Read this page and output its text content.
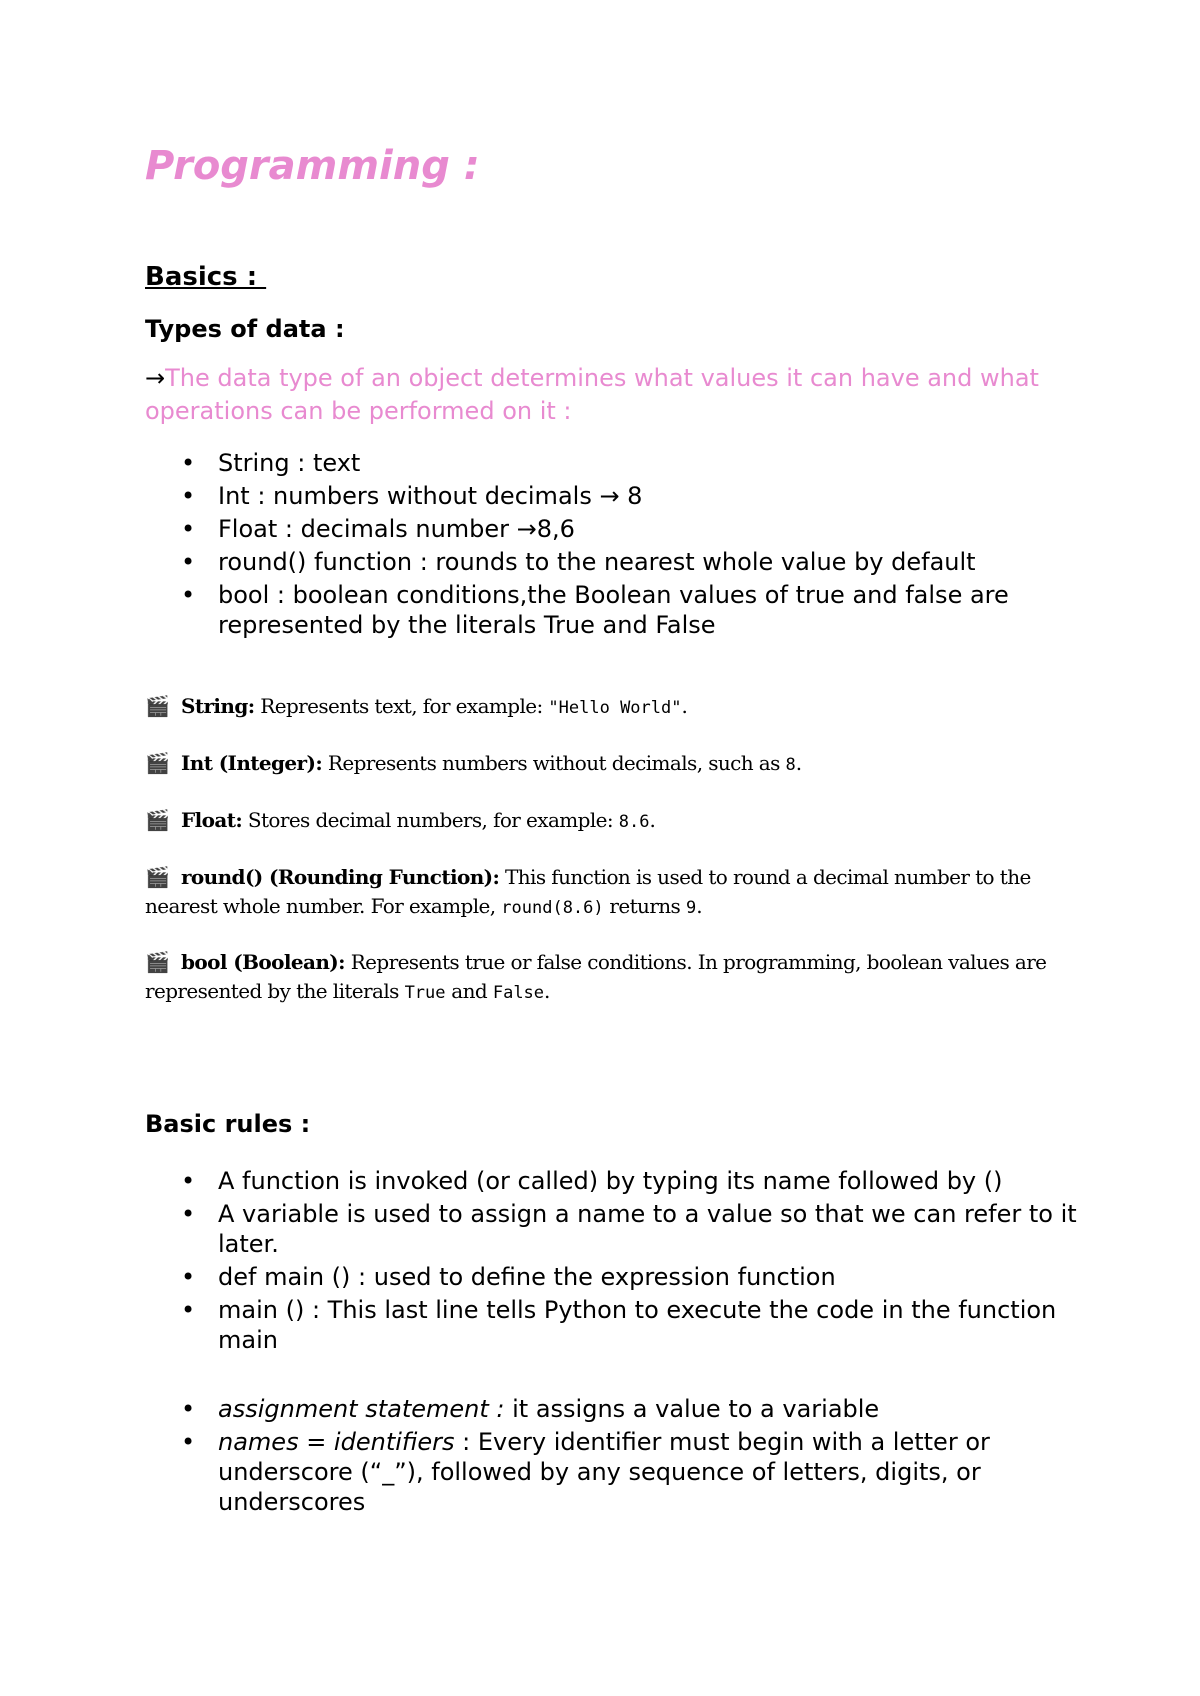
Programming :
Basics :
Types of data :

→The data type of an object determines what values it can have and what operations can be performed on it :

• String : text
• Int : numbers without decimals → 8
• Float : decimals number →8,6
• round() function : rounds to the nearest whole value by default
• bool : boolean conditions,the Boolean values of true and false are represented by the literals True and False
🎬 String: Represents text, for example: "Hello World".
🎬 Int (Integer): Represents numbers without decimals, such as 8.
🎬 Float: Stores decimal numbers, for example: 8.6.
🎬 round() (Rounding Function): This function is used to round a decimal number to the nearest whole number. For example, round(8.6) returns 9.
🎬 bool (Boolean): Represents true or false conditions. In programming, boolean values are represented by the literals True and False.
Basic rules :
• A function is invoked (or called) by typing its name followed by ()
• A variable is used to assign a name to a value so that we can refer to it later.
• def main () : used to define the expression function
• main () : This last line tells Python to execute the code in the function main
• assignment statement : it assigns a value to a variable
• names = identifiers : Every identifier must begin with a letter or underscore (“_”), followed by any sequence of letters, digits, or underscores
